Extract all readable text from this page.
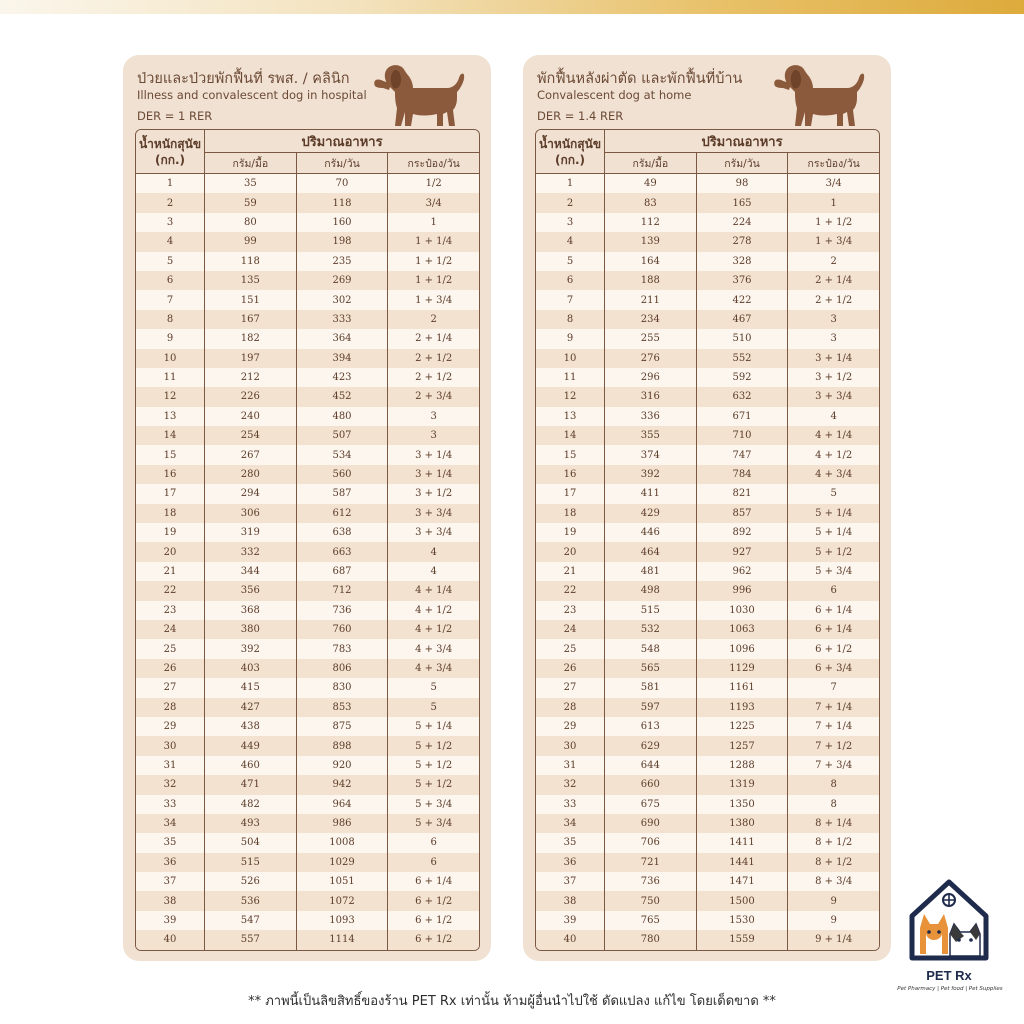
ป่วยและป่วยพักฟื้นที่ รพส. / คลินิก
Illness and convalescent dog in hospital
DER = 1 RER
น้ำหนักสุนัข
(กก.)
ปริมาณอาหาร
กรัม/มื้อ	กรัม/วัน	กระป๋อง/วัน
1	35	70	1/2
2	59	118	3/4
3	80	160	1
4	99	198	1 + 1/4
5	118	235	1 + 1/2
6	135	269	1 + 1/2
7	151	302	1 + 3/4
8	167	333	2
9	182	364	2 + 1/4
10	197	394	2 + 1/2
11	212	423	2 + 1/2
12	226	452	2 + 3/4
13	240	480	3
14	254	507	3
15	267	534	3 + 1/4
16	280	560	3 + 1/4
17	294	587	3 + 1/2
18	306	612	3 + 3/4
19	319	638	3 + 3/4
20	332	663	4
21	344	687	4
22	356	712	4 + 1/4
23	368	736	4 + 1/2
24	380	760	4 + 1/2
25	392	783	4 + 3/4
26	403	806	4 + 3/4
27	415	830	5
28	427	853	5
29	438	875	5 + 1/4
30	449	898	5 + 1/2
31	460	920	5 + 1/2
32	471	942	5 + 1/2
33	482	964	5 + 3/4
34	493	986	5 + 3/4
35	504	1008	6
36	515	1029	6
37	526	1051	6 + 1/4
38	536	1072	6 + 1/2
39	547	1093	6 + 1/2
40	557	1114	6 + 1/2
พักฟื้นหลังผ่าตัด และพักฟื้นที่บ้าน
Convalescent dog at home
DER = 1.4 RER
น้ำหนักสุนัข
(กก.)
ปริมาณอาหาร
กรัม/มื้อ	กรัม/วัน	กระป๋อง/วัน
1	49	98	3/4
2	83	165	1
3	112	224	1 + 1/2
4	139	278	1 + 3/4
5	164	328	2
6	188	376	2 + 1/4
7	211	422	2 + 1/2
8	234	467	3
9	255	510	3
10	276	552	3 + 1/4
11	296	592	3 + 1/2
12	316	632	3 + 3/4
13	336	671	4
14	355	710	4 + 1/4
15	374	747	4 + 1/2
16	392	784	4 + 3/4
17	411	821	5
18	429	857	5 + 1/4
19	446	892	5 + 1/4
20	464	927	5 + 1/2
21	481	962	5 + 3/4
22	498	996	6
23	515	1030	6 + 1/4
24	532	1063	6 + 1/4
25	548	1096	6 + 1/2
26	565	1129	6 + 3/4
27	581	1161	7
28	597	1193	7 + 1/4
29	613	1225	7 + 1/4
30	629	1257	7 + 1/2
31	644	1288	7 + 3/4
32	660	1319	8
33	675	1350	8
34	690	1380	8 + 1/4
35	706	1411	8 + 1/2
36	721	1441	8 + 1/2
37	736	1471	8 + 3/4
38	750	1500	9
39	765	1530	9
40	780	1559	9 + 1/4
** ภาพนี้เป็นลิขสิทธิ์ของร้าน PET Rx เท่านั้น ห้ามผู้อื่นนำไปใช้ ดัดแปลง แก้ไข โดยเด็ดขาด **
PET Rx
Pet Pharmacy | Pet food | Pet Supplies
